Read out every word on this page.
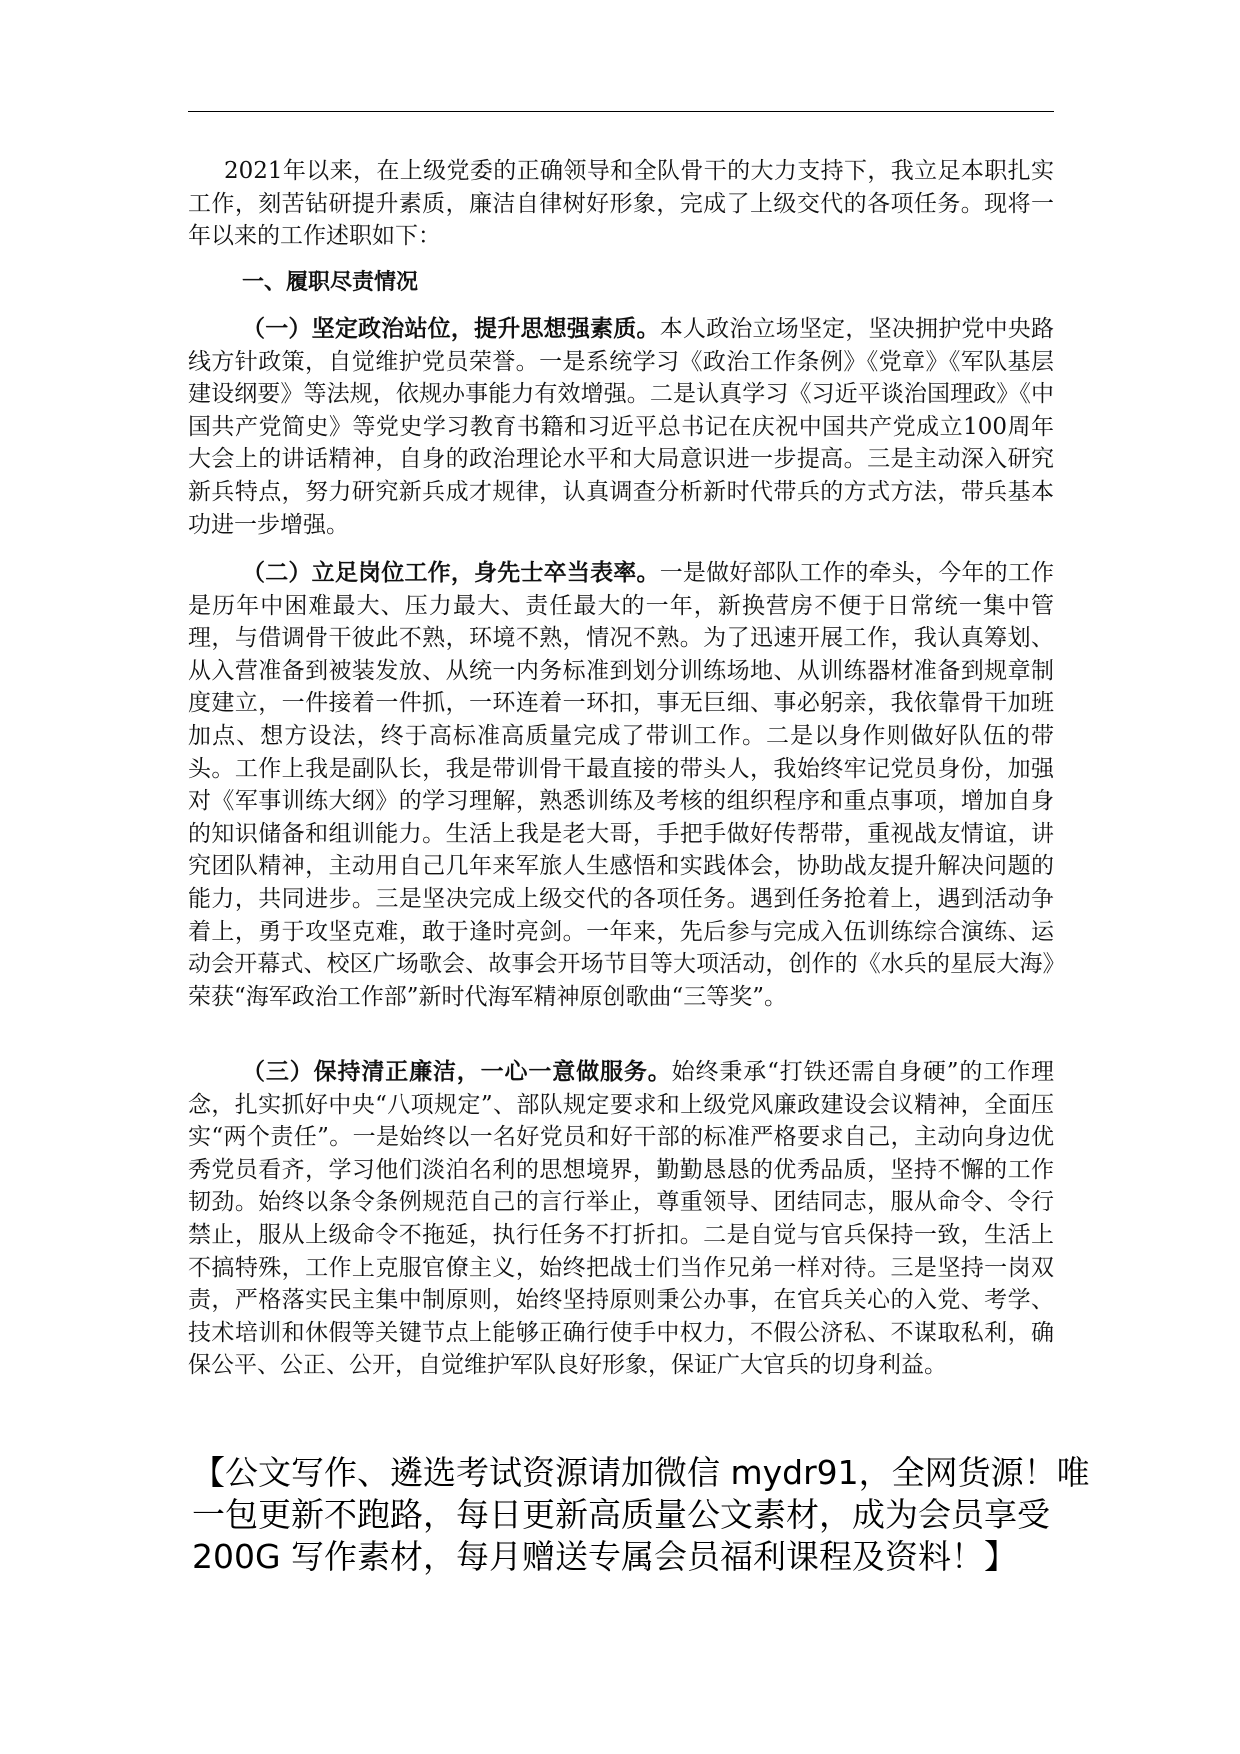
2021年以来，在上级党委的正确领导和全队骨干的大力支持下，我立足本职扎实工作，刻苦钻研提升素质，廉洁自律树好形象，完成了上级交代的各项任务。现将一年以来的工作述职如下：
一、履职尽责情况
（一）坚定政治站位，提升思想强素质。本人政治立场坚定，坚决拥护党中央路线方针政策，自觉维护党员荣誉。一是系统学习《政治工作条例》《党章》《军队基层建设纲要》等法规，依规办事能力有效增强。二是认真学习《习近平谈治国理政》《中国共产党简史》等党史学习教育书籍和习近平总书记在庆祝中国共产党成立100周年大会上的讲话精神，自身的政治理论水平和大局意识进一步提高。三是主动深入研究新兵特点，努力研究新兵成才规律，认真调查分析新时代带兵的方式方法，带兵基本功进一步增强。
（二）立足岗位工作，身先士卒当表率。一是做好部队工作的牵头，今年的工作是历年中困难最大、压力最大、责任最大的一年，新换营房不便于日常统一集中管理，与借调骨干彼此不熟，环境不熟，情况不熟。为了迅速开展工作，我认真筹划、从入营准备到被装发放、从统一内务标准到划分训练场地、从训练器材准备到规章制度建立，一件接着一件抓，一环连着一环扣，事无巨细、事必躬亲，我依靠骨干加班加点、想方设法，终于高标准高质量完成了带训工作。二是以身作则做好队伍的带头。工作上我是副队长，我是带训骨干最直接的带头人，我始终牢记党员身份，加强对《军事训练大纲》的学习理解，熟悉训练及考核的组织程序和重点事项，增加自身的知识储备和组训能力。生活上我是老大哥，手把手做好传帮带，重视战友情谊，讲究团队精神，主动用自己几年来军旅人生感悟和实践体会，协助战友提升解决问题的能力，共同进步。三是坚决完成上级交代的各项任务。遇到任务抢着上，遇到活动争着上，勇于攻坚克难，敢于逢时亮剑。一年来，先后参与完成入伍训练综合演练、运动会开幕式、校区广场歌会、故事会开场节目等大项活动，创作的《水兵的星辰大海》荣获“海军政治工作部”新时代海军精神原创歌曲“三等奖”。
（三）保持清正廉洁，一心一意做服务。始终秉承“打铁还需自身硬”的工作理念，扎实抓好中央“八项规定”、部队规定要求和上级党风廉政建设会议精神，全面压实“两个责任”。一是始终以一名好党员和好干部的标准严格要求自己，主动向身边优秀党员看齐，学习他们淡泊名利的思想境界，勤勤恳恳的优秀品质，坚持不懈的工作韧劲。始终以条令条例规范自己的言行举止，尊重领导、团结同志，服从命令、令行禁止，服从上级命令不拖延，执行任务不打折扣。二是自觉与官兵保持一致，生活上不搞特殊，工作上克服官僚主义，始终把战士们当作兄弟一样对待。三是坚持一岗双责，严格落实民主集中制原则，始终坚持原则秉公办事，在官兵关心的入党、考学、技术培训和休假等关键节点上能够正确行使手中权力，不假公济私、不谋取私利，确保公平、公正、公开，自觉维护军队良好形象，保证广大官兵的切身利益。
【公文写作、遴选考试资源请加微信 mydr91，全网货源！唯一包更新不跑路，每日更新高质量公文素材，成为会员享受 200G 写作素材，每月赠送专属会员福利课程及资料！】
